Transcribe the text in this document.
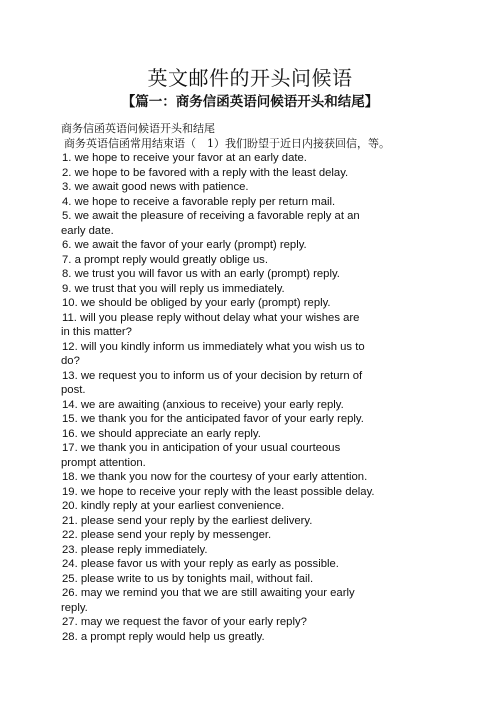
英文邮件的开头问候语
【篇一：商务信函英语问候语开头和结尾】
商务信函英语问候语开头和结尾
商务英语信函常用结束语（　1）我们盼望于近日内接获回信，等。
1. we hope to receive your favor at an early date.
2. we hope to be favored with a reply with the least delay.
3. we await good news with patience.
4. we hope to receive a favorable reply per return mail.
5. we await the pleasure of receiving a favorable reply at an
early date.
6. we await the favor of your early (prompt) reply.
7. a prompt reply would greatly oblige us.
8. we trust you will favor us with an early (prompt) reply.
9. we trust that you will reply us immediately.
10. we should be obliged by your early (prompt) reply.
11. will you please reply without delay what your wishes are
in this matter?
12. will you kindly inform us immediately what you wish us to
do?
13. we request you to inform us of your decision by return of
post.
14. we are awaiting (anxious to receive) your early reply.
15. we thank you for the anticipated favor of your early reply.
16. we should appreciate an early reply.
17. we thank you in anticipation of your usual courteous
prompt attention.
18. we thank you now for the courtesy of your early attention.
19. we hope to receive your reply with the least possible delay.
20. kindly reply at your earliest convenience.
21. please send your reply by the earliest delivery.
22. please send your reply by messenger.
23. please reply immediately.
24. please favor us with your reply as early as possible.
25. please write to us by tonights mail, without fail.
26. may we remind you that we are still awaiting your early
reply.
27. may we request the favor of your early reply?
28. a prompt reply would help us greatly.
